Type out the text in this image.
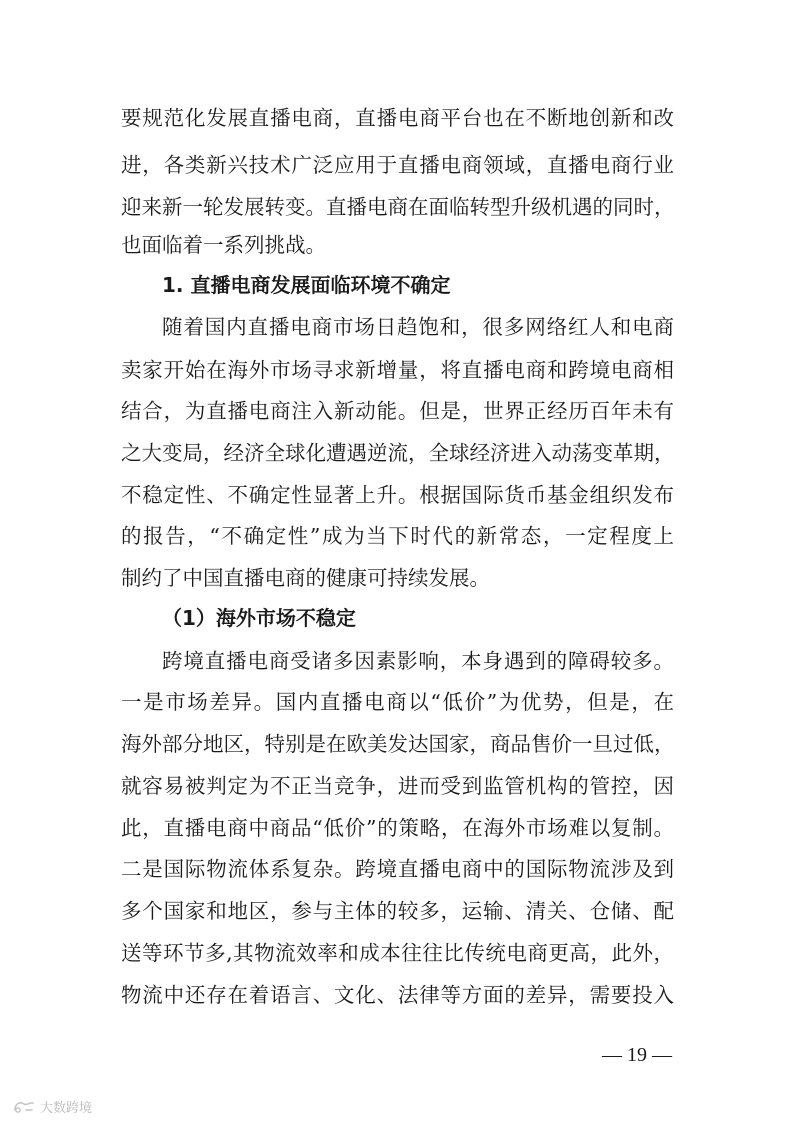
要规范化发展直播电商，直播电商平台也在不断地创新和改
进，各类新兴技术广泛应用于直播电商领域，直播电商行业
迎来新一轮发展转变。直播电商在面临转型升级机遇的同时，
也面临着一系列挑战。
1. 直播电商发展面临环境不确定
随着国内直播电商市场日趋饱和，很多网络红人和电商
卖家开始在海外市场寻求新增量，将直播电商和跨境电商相
结合，为直播电商注入新动能。但是，世界正经历百年未有
之大变局，经济全球化遭遇逆流，全球经济进入动荡变革期，
不稳定性、不确定性显著上升。根据国际货币基金组织发布
的报告，“不确定性”成为当下时代的新常态，一定程度上
制约了中国直播电商的健康可持续发展。
（1）海外市场不稳定
跨境直播电商受诸多因素影响，本身遇到的障碍较多。
一是市场差异。国内直播电商以“低价”为优势，但是，在
海外部分地区，特别是在欧美发达国家，商品售价一旦过低，
就容易被判定为不正当竞争，进而受到监管机构的管控，因
此，直播电商中商品“低价”的策略，在海外市场难以复制。
二是国际物流体系复杂。跨境直播电商中的国际物流涉及到
多个国家和地区，参与主体的较多，运输、清关、仓储、配
送等环节多,其物流效率和成本往往比传统电商更高，此外，
物流中还存在着语言、文化、法律等方面的差异，需要投入
— 19 —
大数跨境
